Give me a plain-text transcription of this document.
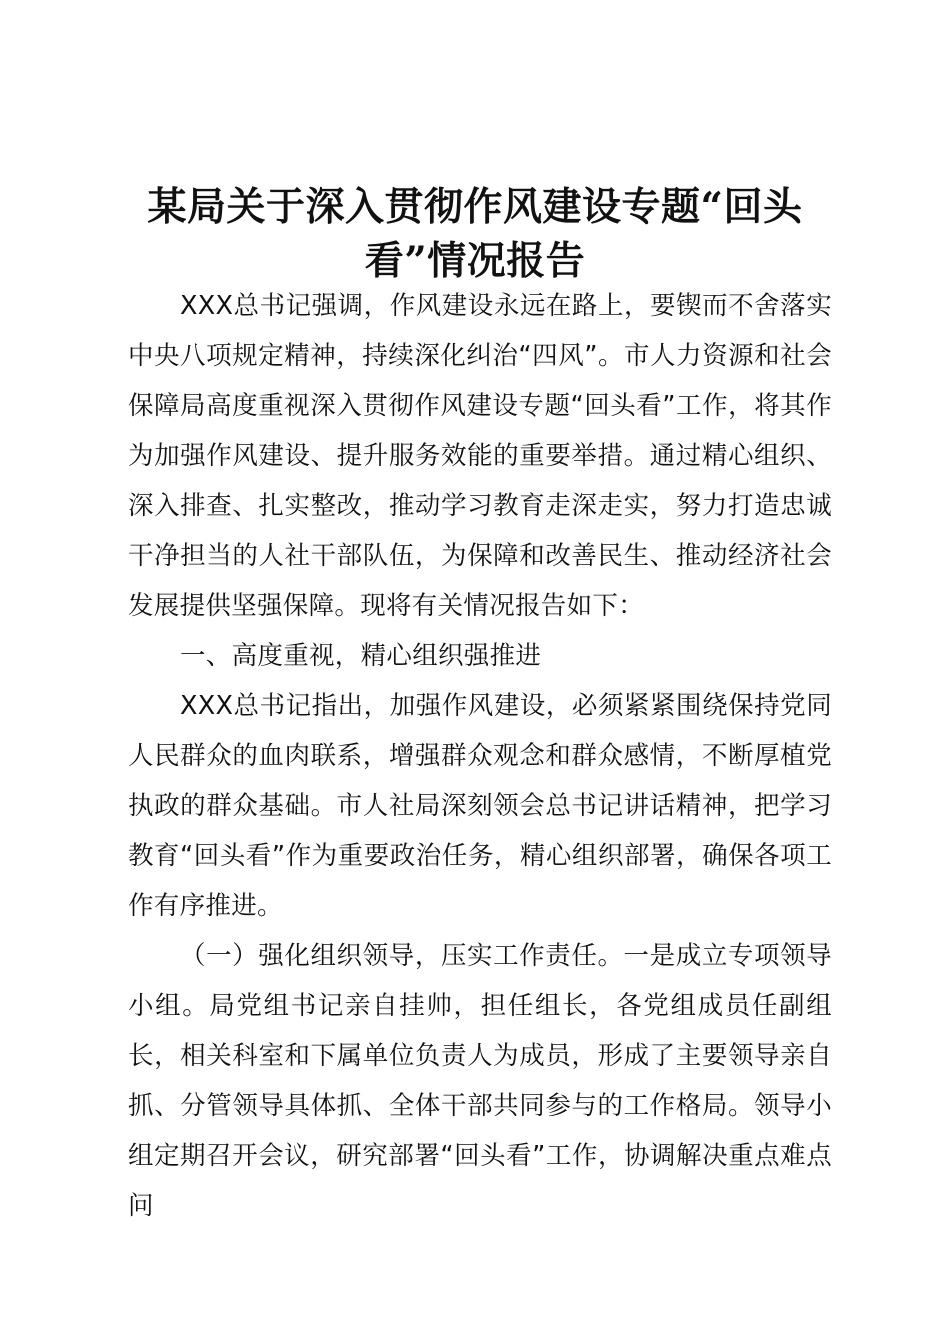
某局关于深入贯彻作风建设专题“回头看”情况报告

XXX总书记强调，作风建设永远在路上，要锲而不舍落实中央八项规定精神，持续深化纠治“四风”。市人力资源和社会保障局高度重视深入贯彻作风建设专题“回头看”工作，将其作为加强作风建设、提升服务效能的重要举措。通过精心组织、深入排查、扎实整改，推动学习教育走深走实，努力打造忠诚干净担当的人社干部队伍，为保障和改善民生、推动经济社会发展提供坚强保障。现将有关情况报告如下：

一、高度重视，精心组织强推进

XXX总书记指出，加强作风建设，必须紧紧围绕保持党同人民群众的血肉联系，增强群众观念和群众感情，不断厚植党执政的群众基础。市人社局深刻领会总书记讲话精神，把学习教育“回头看”作为重要政治任务，精心组织部署，确保各项工作有序推进。

（一）强化组织领导，压实工作责任。一是成立专项领导小组。局党组书记亲自挂帅，担任组长，各党组成员任副组长，相关科室和下属单位负责人为成员，形成了主要领导亲自抓、分管领导具体抓、全体干部共同参与的工作格局。领导小组定期召开会议，研究部署“回头看”工作，协调解决重点难点问
